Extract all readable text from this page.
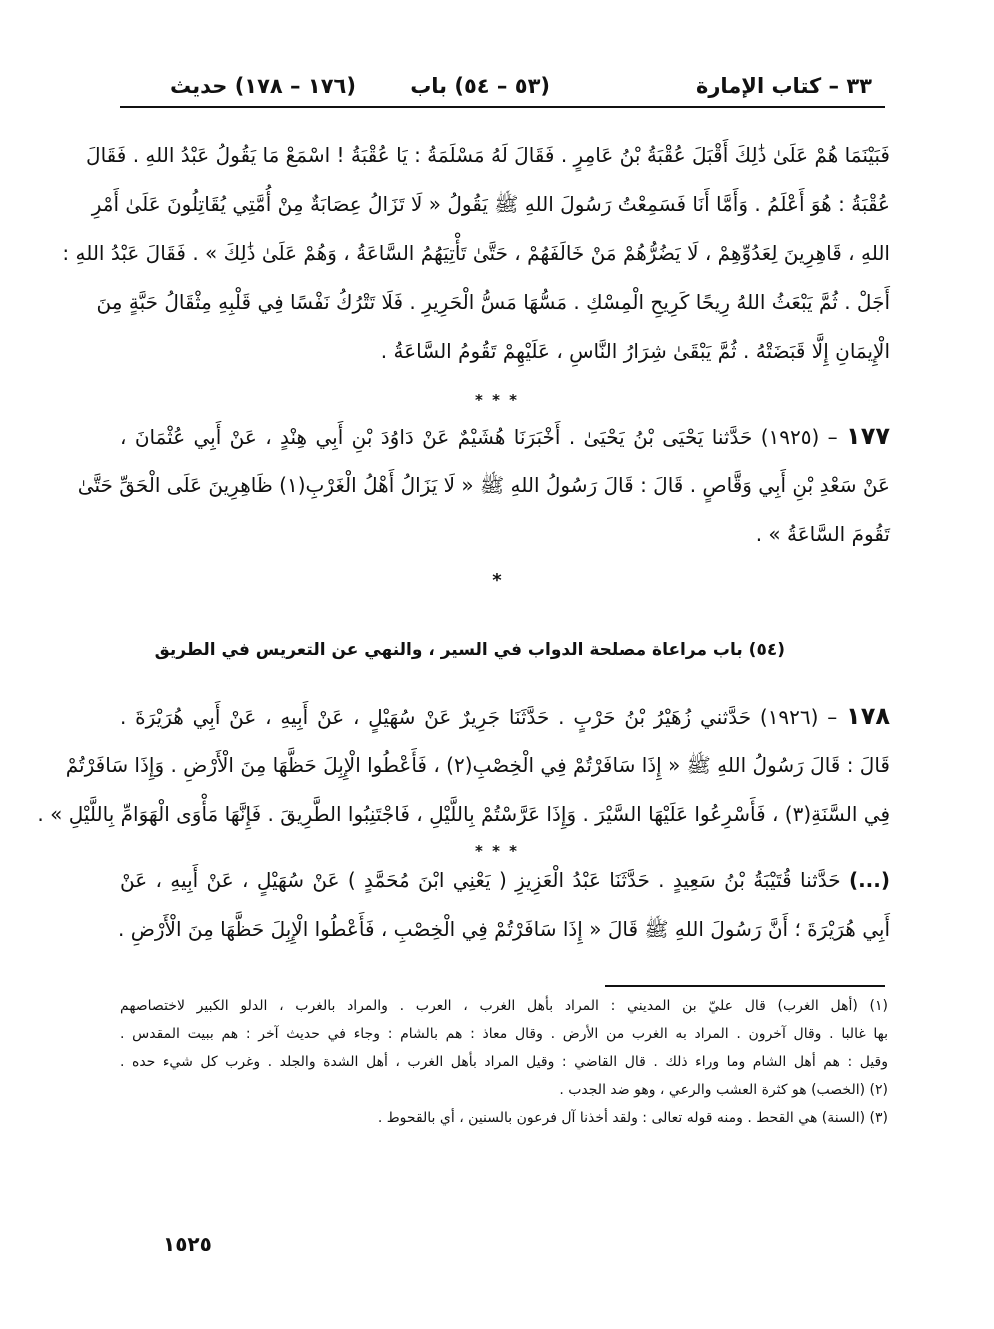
٣٣ – كتاب الإمارة
(٥٣ – ٥٤) باب
(١٧٦ – ١٧٨) حديث
فَبَيْنَمَا هُمْ عَلَىٰ ذَٰلِكَ أَقْبَلَ عُقْبَةُ بْنُ عَامِرٍ . فَقَالَ لَهُ مَسْلَمَةُ : يَا عُقْبَةُ ! اسْمَعْ مَا يَقُولُ عَبْدُ اللهِ . فَقَالَ
عُقْبَةُ : هُوَ أَعْلَمُ . وَأَمَّا أَنَا فَسَمِعْتُ رَسُولَ اللهِ ﷺ يَقُولُ « لَا تَزَالُ عِصَابَةٌ مِنْ أُمَّتِي يُقَاتِلُونَ عَلَىٰ أَمْرِ
اللهِ ، قَاهِرِينَ لِعَدُوِّهِمْ ، لَا يَضُرُّهُمْ مَنْ خَالَفَهُمْ ، حَتَّىٰ تَأْتِيَهُمُ السَّاعَةُ ، وَهُمْ عَلَىٰ ذَٰلِكَ » . فَقَالَ عَبْدُ اللهِ :
أَجَلْ . ثُمَّ يَبْعَثُ اللهُ رِيحًا كَرِيحِ الْمِسْكِ . مَسُّهَا مَسُّ الْحَرِيرِ . فَلَا تَتْرُكُ نَفْسًا فِي قَلْبِهِ مِثْقَالُ حَبَّةٍ مِنَ
الْإِيمَانِ إِلَّا قَبَضَتْهُ . ثُمَّ يَبْقَىٰ شِرَارُ النَّاسِ ، عَلَيْهِمْ تَقُومُ السَّاعَةُ .
* * *
١٧٧ – (١٩٢٥) حَدَّثنا يَحْيَى بْنُ يَحْيَىٰ . أَخْبَرَنَا هُشَيْمٌ عَنْ دَاوُدَ بْنِ أَبِي هِنْدٍ ، عَنْ أَبِي عُثْمَانَ ،
عَنْ سَعْدِ بْنِ أَبِي وَقَّاصٍ . قَالَ : قَالَ رَسُولُ اللهِ ﷺ « لَا يَزَالُ أَهْلُ الْغَرْبِ(١) ظَاهِرِينَ عَلَى الْحَقِّ حَتَّىٰ
تَقُومَ السَّاعَةُ » .
*
(٥٤) باب مراعاة مصلحة الدواب في السير ، والنهي عن التعريس في الطريق
١٧٨ – (١٩٢٦) حَدَّثني زُهَيْرُ بْنُ حَرْبٍ . حَدَّثَنَا جَرِيرٌ عَنْ سُهَيْلٍ ، عَنْ أَبِيهِ ، عَنْ أَبِي هُرَيْرَةَ .
قَالَ : قَالَ رَسُولُ اللهِ ﷺ « إِذَا سَافَرْتُمْ فِي الْخِصْبِ(٢) ، فَأَعْطُوا الْإِبِلَ حَظَّهَا مِنَ الْأَرْضِ . وَإِذَا سَافَرْتُمْ
فِي السَّنَةِ(٣) ، فَأَسْرِعُوا عَلَيْهَا السَّيْرَ . وَإِذَا عَرَّسْتُمْ بِاللَّيْلِ ، فَاجْتَنِبُوا الطَّرِيقَ . فَإِنَّهَا مَأْوَى الْهَوَامِّ بِاللَّيْلِ » .
* * *
(...) حَدَّثنا قُتَيْبَةُ بْنُ سَعِيدٍ . حَدَّثَنَا عَبْدُ الْعَزِيزِ ( يَعْنِي ابْنَ مُحَمَّدٍ ) عَنْ سُهَيْلٍ ، عَنْ أَبِيهِ ، عَنْ
أَبِي هُرَيْرَةَ ؛ أَنَّ رَسُولَ اللهِ ﷺ قَالَ « إِذَا سَافَرْتُمْ فِي الْخِصْبِ ، فَأَعْطُوا الْإِبِلَ حَظَّهَا مِنَ الْأَرْضِ .
(١) (أهل الغرب) قال عليّ بن المديني : المراد بأهل الغرب ، العرب . والمراد بالغرب ، الدلو الكبير لاختصاصهم
بها غالبا . وقال آخرون . المراد به الغرب من الأرض . وقال معاذ : هم بالشام : وجاء في حديث آخر : هم ببيت المقدس .
وقيل : هم أهل الشام وما وراء ذلك . قال القاضي : وقيل المراد بأهل الغرب ، أهل الشدة والجلد . وغرب كل شيء حده .
(٢) (الخصب) هو كثرة العشب والرعي ، وهو ضد الجدب .
(٣) (السنة) هي القحط . ومنه قوله تعالى : ولقد أخذنا آل فرعون بالسنين ، أي بالقحوط .
١٥٢٥
